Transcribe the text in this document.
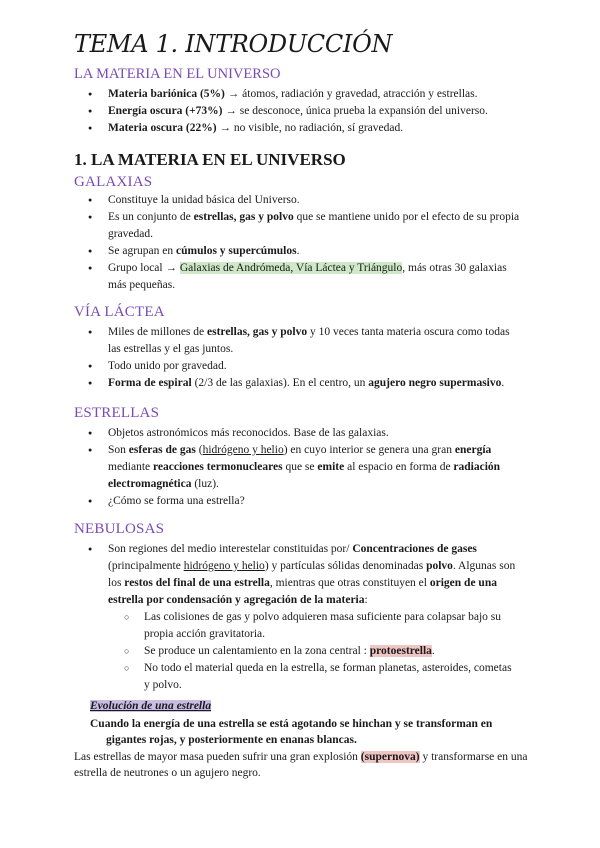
TEMA 1. INTRODUCCIÓN
LA MATERIA EN EL UNIVERSO
● Materia bariónica (5%) → átomos, radiación y gravedad, atracción y estrellas.
● Energía oscura (+73%) → se desconoce, única prueba la expansión del universo.
● Materia oscura (22%) → no visible, no radiación, sí gravedad.
1. LA MATERIA EN EL UNIVERSO
GALAXIAS
● Constituye la unidad básica del Universo.
● Es un conjunto de estrellas, gas y polvo que se mantiene unido por el efecto de su propia gravedad.
● Se agrupan en cúmulos y supercúmulos.
● Grupo local → Galaxias de Andrómeda, Vía Láctea y Triángulo, más otras 30 galaxias más pequeñas.
VÍA LÁCTEA
● Miles de millones de estrellas, gas y polvo y 10 veces tanta materia oscura como todas las estrellas y el gas juntos.
● Todo unido por gravedad.
● Forma de espiral (2/3 de las galaxias). En el centro, un agujero negro supermasivo.
ESTRELLAS
● Objetos astronómicos más reconocidos. Base de las galaxias.
● Son esferas de gas (hidrógeno y helio) en cuyo interior se genera una gran energía mediante reacciones termonucleares que se emite al espacio en forma de radiación electromagnética (luz).
● ¿Cómo se forma una estrella?
NEBULOSAS
● Son regiones del medio interestelar constituidas por/ Concentraciones de gases (principalmente hidrógeno y helio) y partículas sólidas denominadas polvo. Algunas son los restos del final de una estrella, mientras que otras constituyen el origen de una estrella por condensación y agregación de la materia:
○ Las colisiones de gas y polvo adquieren masa suficiente para colapsar bajo su propia acción gravitatoria.
○ Se produce un calentamiento en la zona central : protoestrella.
○ No todo el material queda en la estrella, se forman planetas, asteroides, cometas y polvo.

Evolución de una estrella

Cuando la energía de una estrella se está agotando se hinchan y se transforman en
gigantes rojas, y posteriormente en enanas blancas.

Las estrellas de mayor masa pueden sufrir una gran explosión (supernova) y transformarse en una estrella de neutrones o un agujero negro.
